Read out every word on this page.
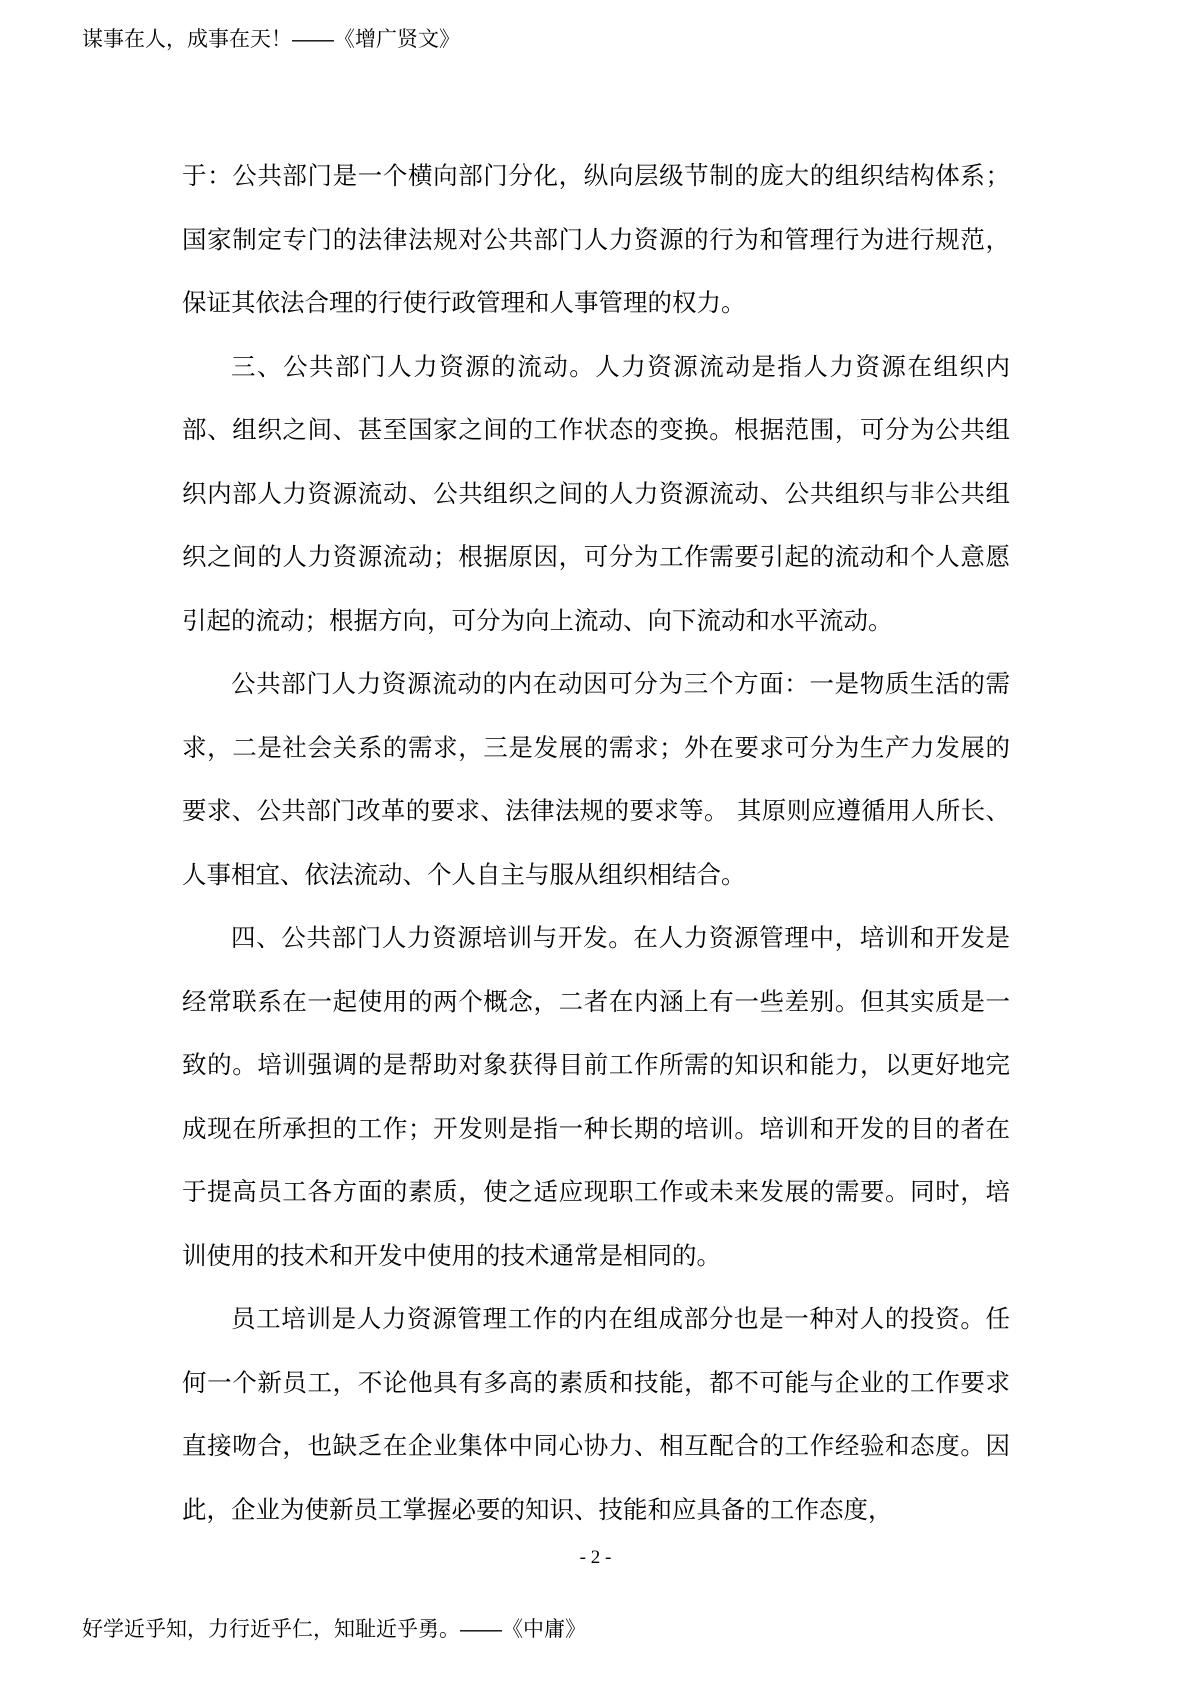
谋事在人，成事在天！——《增广贤文》

于：公共部门是一个横向部门分化，纵向层级节制的庞大的组织结构体系；国家制定专门的法律法规对公共部门人力资源的行为和管理行为进行规范，保证其依法合理的行使行政管理和人事管理的权力。

三、公共部门人力资源的流动。人力资源流动是指人力资源在组织内部、组织之间、甚至国家之间的工作状态的变换。根据范围，可分为公共组织内部人力资源流动、公共组织之间的人力资源流动、公共组织与非公共组织之间的人力资源流动；根据原因，可分为工作需要引起的流动和个人意愿引起的流动；根据方向，可分为向上流动、向下流动和水平流动。

公共部门人力资源流动的内在动因可分为三个方面：一是物质生活的需求，二是社会关系的需求，三是发展的需求；外在要求可分为生产力发展的要求、公共部门改革的要求、法律法规的要求等。 其原则应遵循用人所长、人事相宜、依法流动、个人自主与服从组织相结合。

四、公共部门人力资源培训与开发。在人力资源管理中，培训和开发是经常联系在一起使用的两个概念，二者在内涵上有一些差别。但其实质是一致的。培训强调的是帮助对象获得目前工作所需的知识和能力，以更好地完成现在所承担的工作；开发则是指一种长期的培训。培训和开发的目的者在于提高员工各方面的素质，使之适应现职工作或未来发展的需要。同时，培训使用的技术和开发中使用的技术通常是相同的。

员工培训是人力资源管理工作的内在组成部分也是一种对人的投资。任何一个新员工，不论他具有多高的素质和技能，都不可能与企业的工作要求直接吻合，也缺乏在企业集体中同心协力、相互配合的工作经验和态度。因此，企业为使新员工掌握必要的知识、技能和应具备的工作态度，

- 2 -
好学近乎知，力行近乎仁，知耻近乎勇。——《中庸》
